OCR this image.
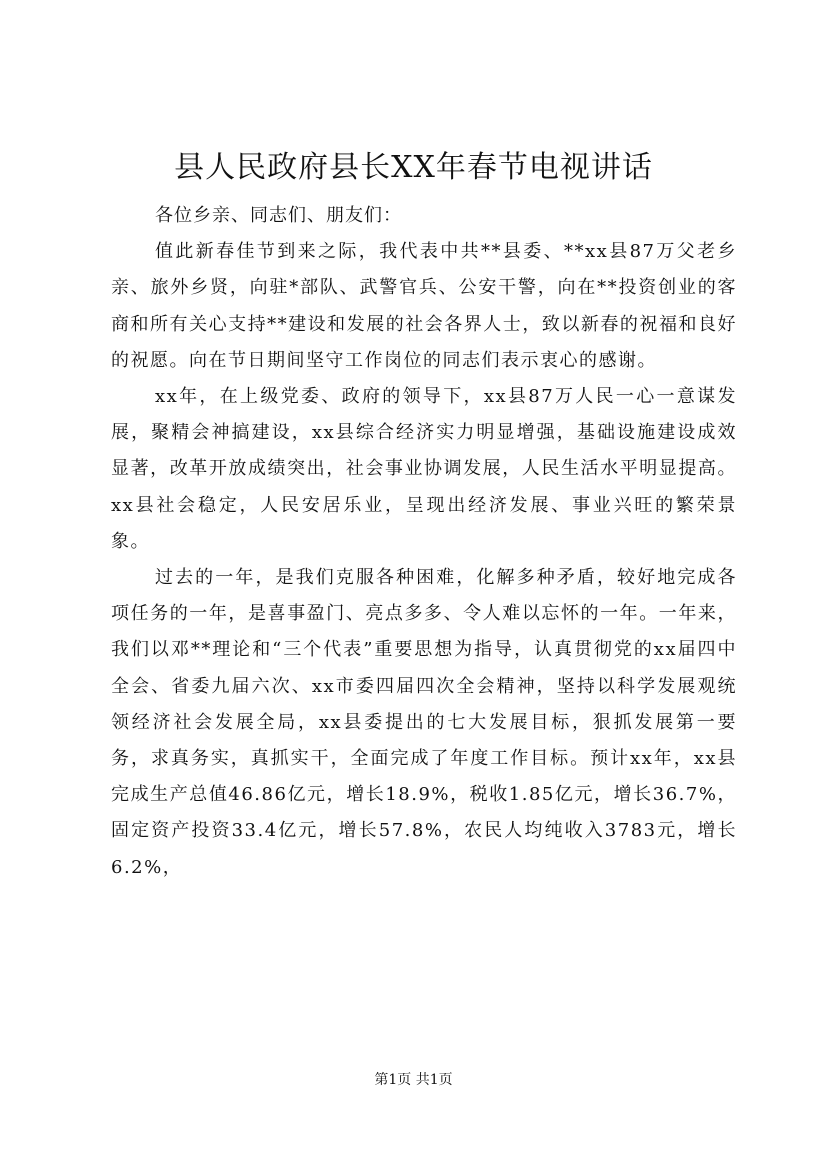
县人民政府县长XX年春节电视讲话

各位乡亲、同志们、朋友们：

值此新春佳节到来之际，我代表中共**县委、**xx县87万父老乡亲、旅外乡贤，向驻*部队、武警官兵、公安干警，向在**投资创业的客商和所有关心支持**建设和发展的社会各界人士，致以新春的祝福和良好的祝愿。向在节日期间坚守工作岗位的同志们表示衷心的感谢。

xx年，在上级党委、政府的领导下，xx县87万人民一心一意谋发展，聚精会神搞建设，xx县综合经济实力明显增强，基础设施建设成效显著，改革开放成绩突出，社会事业协调发展，人民生活水平明显提高。xx县社会稳定，人民安居乐业，呈现出经济发展、事业兴旺的繁荣景象。

过去的一年，是我们克服各种困难，化解多种矛盾，较好地完成各项任务的一年，是喜事盈门、亮点多多、令人难以忘怀的一年。一年来，我们以邓**理论和“三个代表”重要思想为指导，认真贯彻党的xx届四中全会、省委九届六次、xx市委四届四次全会精神，坚持以科学发展观统领经济社会发展全局，xx县委提出的七大发展目标，狠抓发展第一要务，求真务实，真抓实干，全面完成了年度工作目标。预计xx年，xx县完成生产总值46.86亿元，增长18.9%，税收1.85亿元，增长36.7%，固定资产投资33.4亿元，增长57.8%，农民人均纯收入3783元，增长6.2%，

第1页 共1页
